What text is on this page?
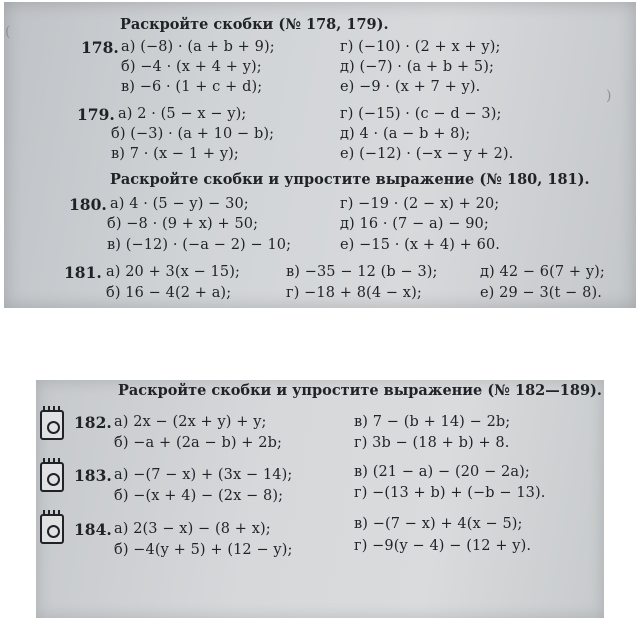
(
)
Раскройте скобки (№ 178, 179).
178. а) (−8) · (a + b + 9);
б) −4 · (x + 4 + y);
в) −6 · (1 + c + d);
г) (−10) · (2 + x + y);
д) (−7) · (a + b + 5);
е) −9 · (x + 7 + y).
179. а) 2 · (5 − x − y);
б) (−3) · (a + 10 − b);
в) 7 · (x − 1 + y);
г) (−15) · (c − d − 3);
д) 4 · (a − b + 8);
е) (−12) · (−x − y + 2).
Раскройте скобки и упростите выражение (№ 180, 181).
180. а) 4 · (5 − y) − 30;
б) −8 · (9 + x) + 50;
в) (−12) · (−a − 2) − 10;
г) −19 · (2 − x) + 20;
д) 16 · (7 − a) − 90;
е) −15 · (x + 4) + 60.
181. а) 20 + 3(x − 15);
б) 16 − 4(2 + a);
в) −35 − 12 (b − 3);
г) −18 + 8(4 − x);
д) 42 − 6(7 + y);
е) 29 − 3(t − 8).
Раскройте скобки и упростите выражение (№ 182—189).
182. а) 2x − (2x + y) + y;
б) −a + (2a − b) + 2b;
в) 7 − (b + 14) − 2b;
г) 3b − (18 + b) + 8.
183. а) −(7 − x) + (3x − 14);
б) −(x + 4) − (2x − 8);
в) (21 − a) − (20 − 2a);
г) −(13 + b) + (−b − 13).
184. а) 2(3 − x) − (8 + x);
б) −4(y + 5) + (12 − y);
в) −(7 − x) + 4(x − 5);
г) −9(y − 4) − (12 + y).
